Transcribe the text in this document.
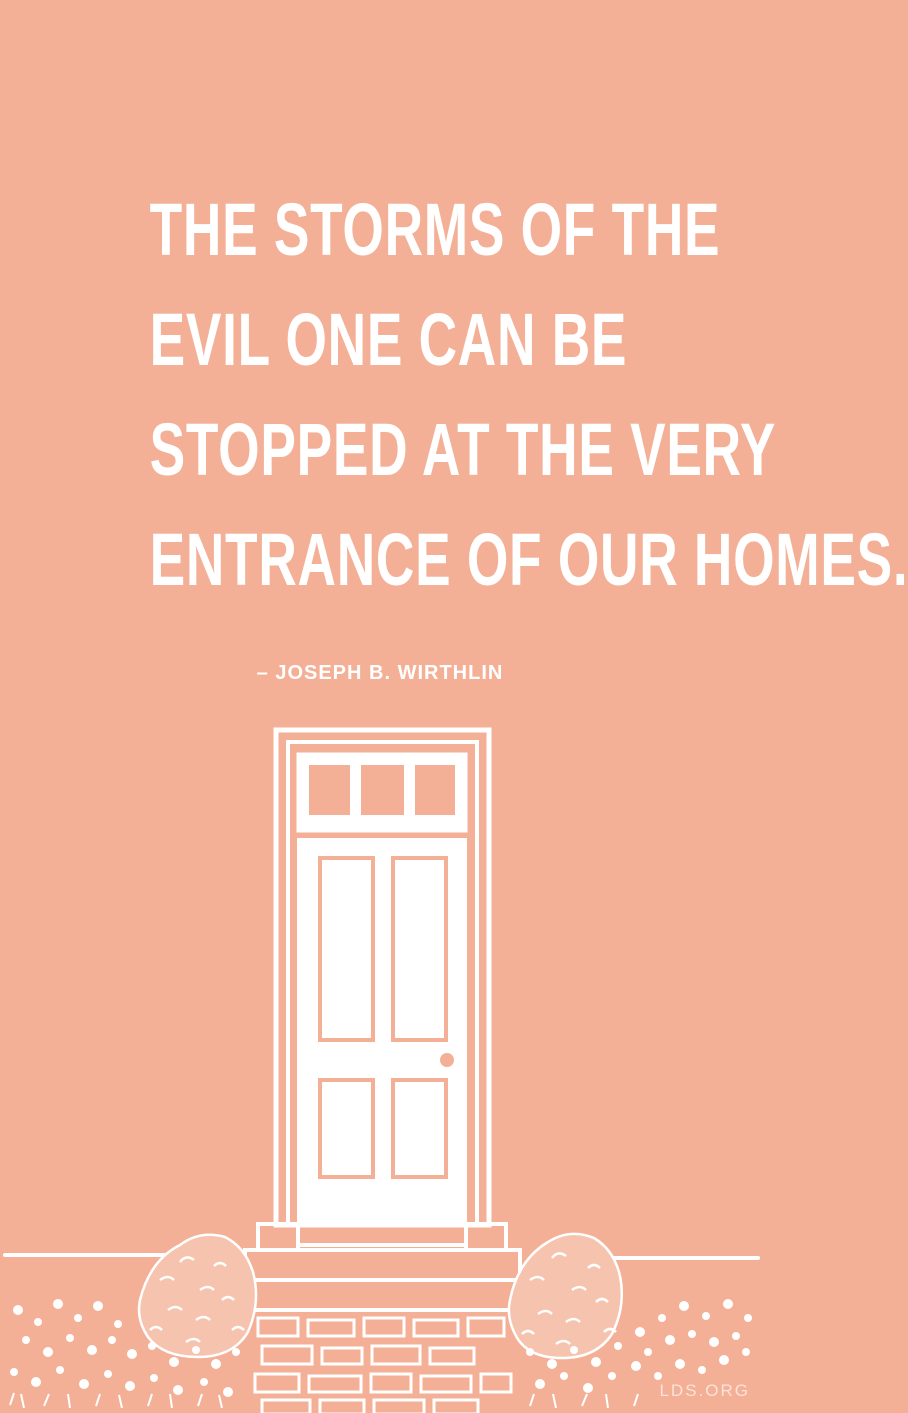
THE STORMS OF THE
EVIL ONE CAN BE
STOPPED AT THE VERY
ENTRANCE OF OUR HOMES.
– JOSEPH B. WIRTHLIN
LDS.ORG
